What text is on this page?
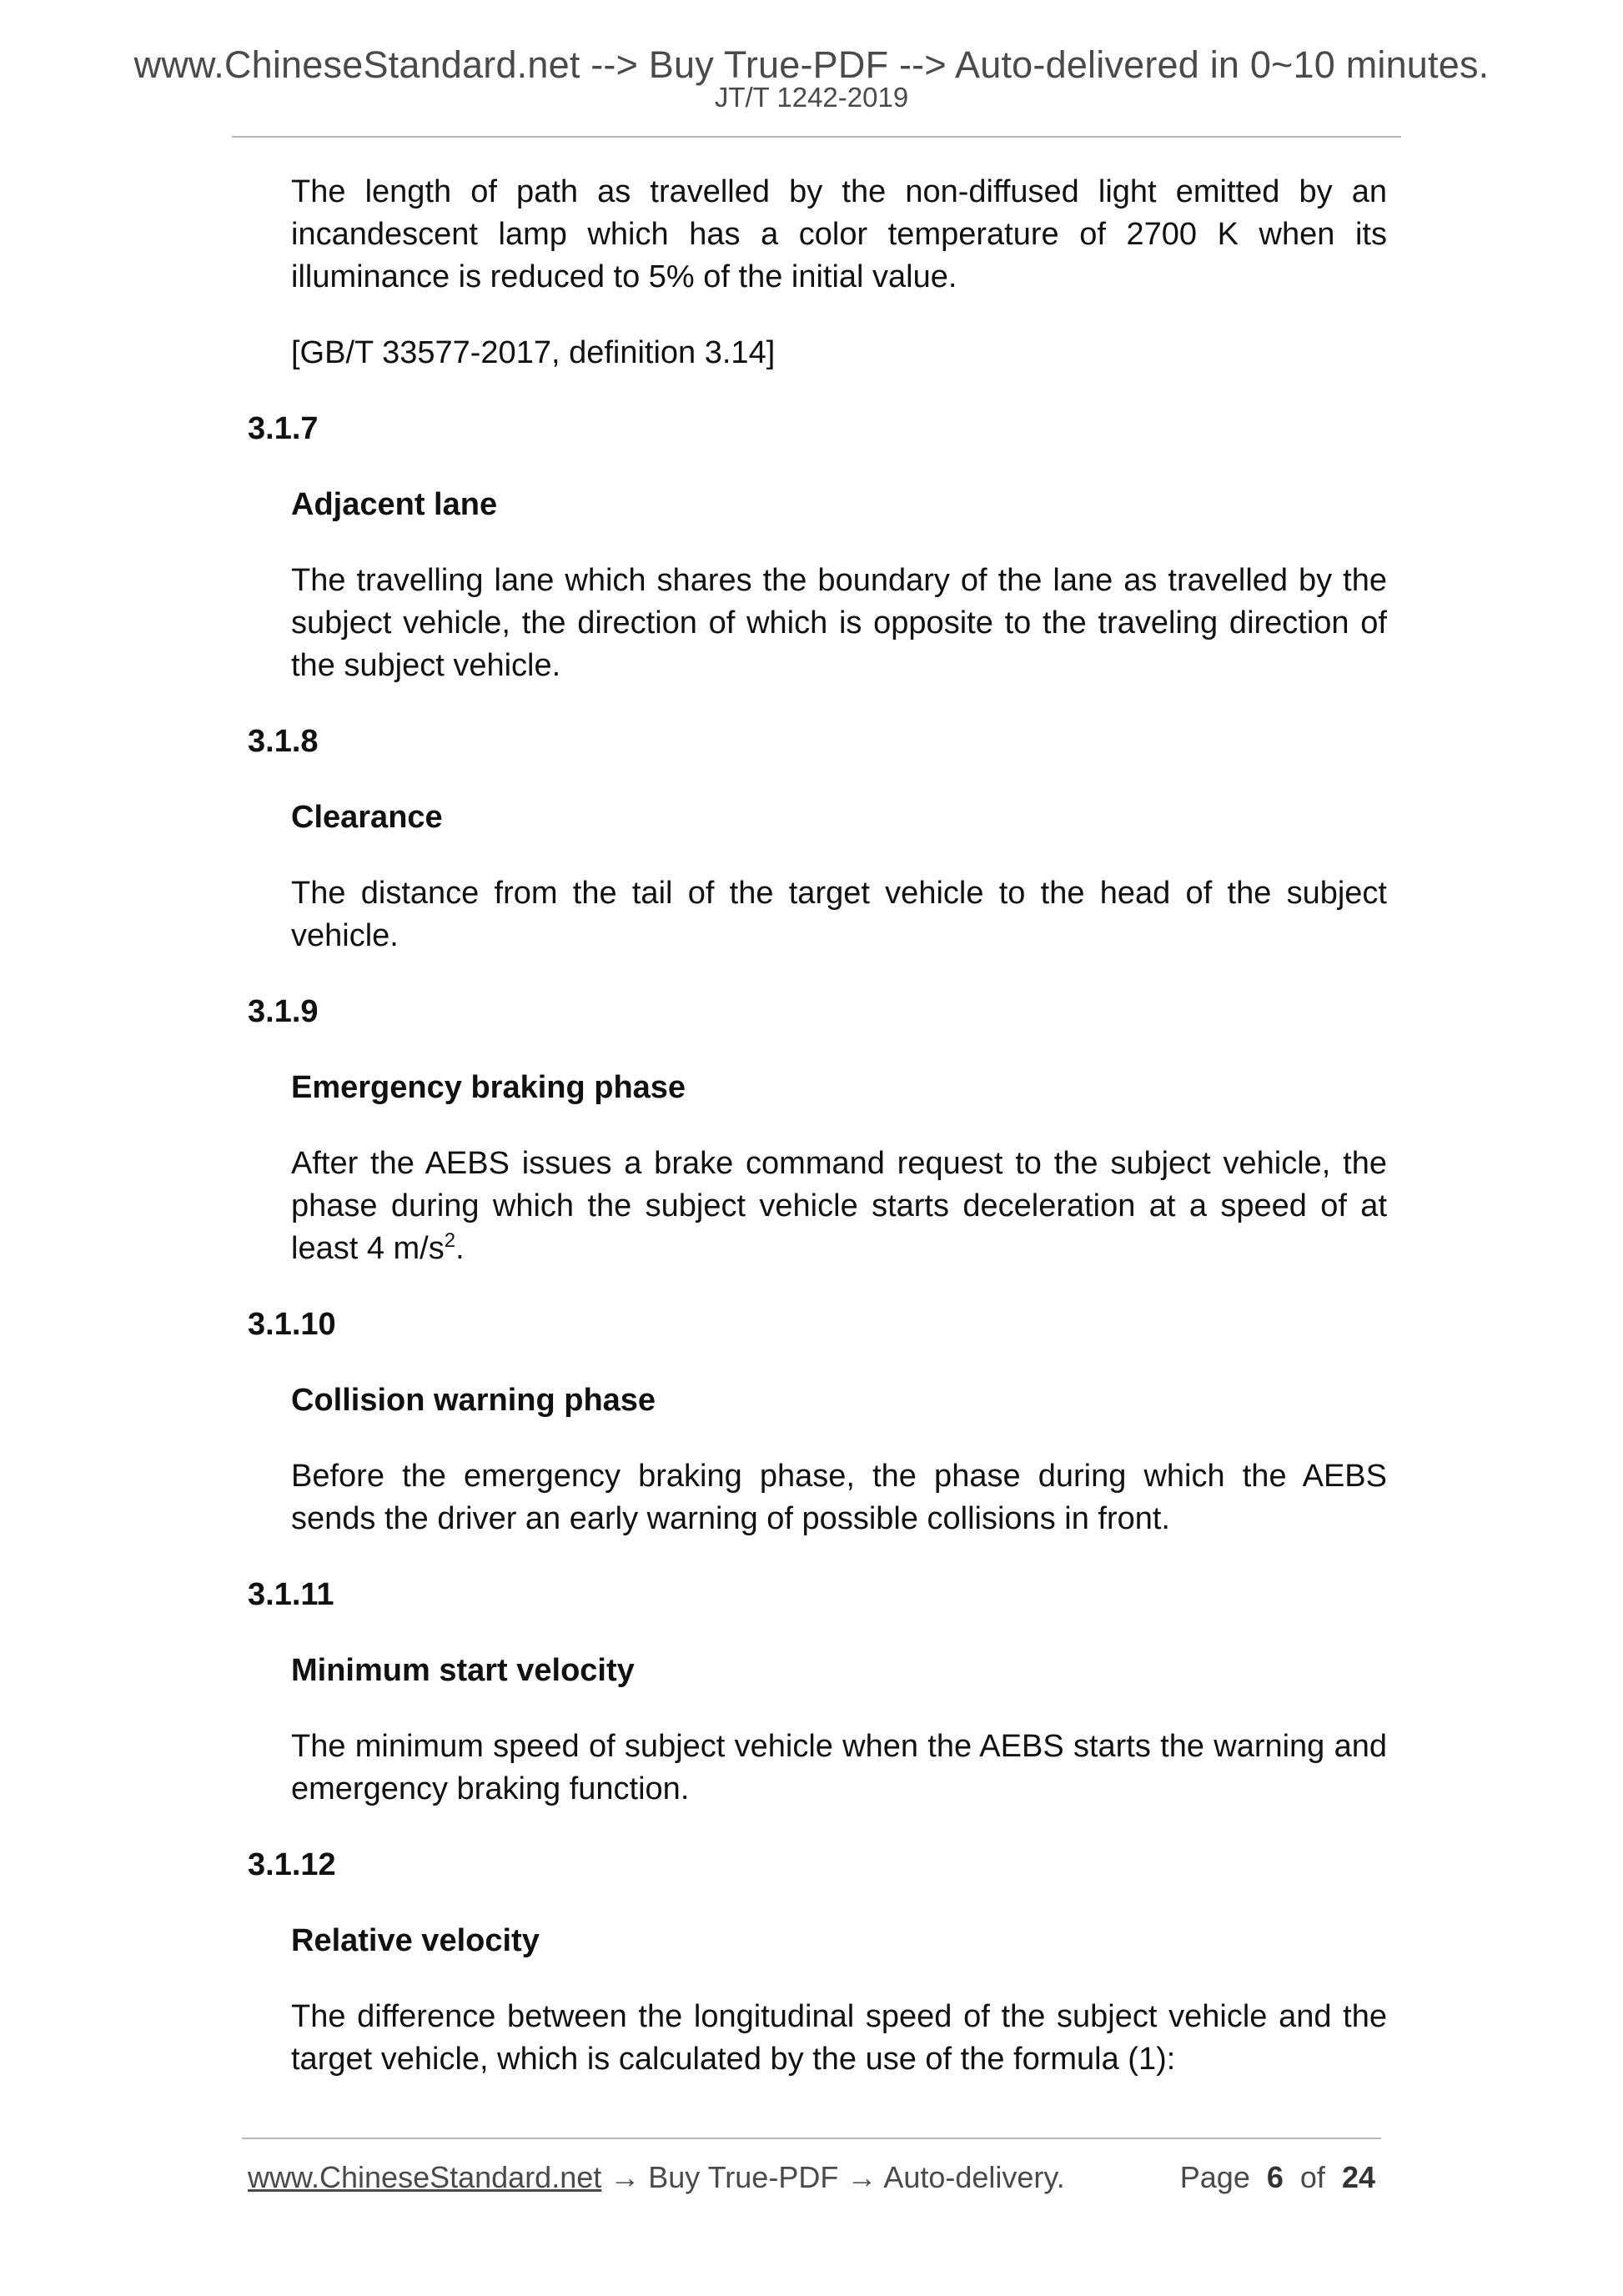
www.ChineseStandard.net --> Buy True-PDF --> Auto-delivered in 0~10 minutes.
JT/T 1242-2019

The length of path as travelled by the non-diffused light emitted by an incandescent lamp which has a color temperature of 2700 K when its illuminance is reduced to 5% of the initial value.

[GB/T 33577-2017, definition 3.14]

3.1.7
Adjacent lane

The travelling lane which shares the boundary of the lane as travelled by the subject vehicle, the direction of which is opposite to the traveling direction of the subject vehicle.

3.1.8
Clearance

The distance from the tail of the target vehicle to the head of the subject vehicle.

3.1.9
Emergency braking phase

After the AEBS issues a brake command request to the subject vehicle, the phase during which the subject vehicle starts deceleration at a speed of at least 4 $m/s^2$.

3.1.10
Collision warning phase

Before the emergency braking phase, the phase during which the AEBS sends the driver an early warning of possible collisions in front.

3.1.11
Minimum start velocity

The minimum speed of subject vehicle when the AEBS starts the warning and emergency braking function.

3.1.12
Relative velocity

The difference between the longitudinal speed of the subject vehicle and the target vehicle, which is calculated by the use of the formula (1):

www.ChineseStandard.net → Buy True-PDF → Auto-delivery.	Page 6 of 24
